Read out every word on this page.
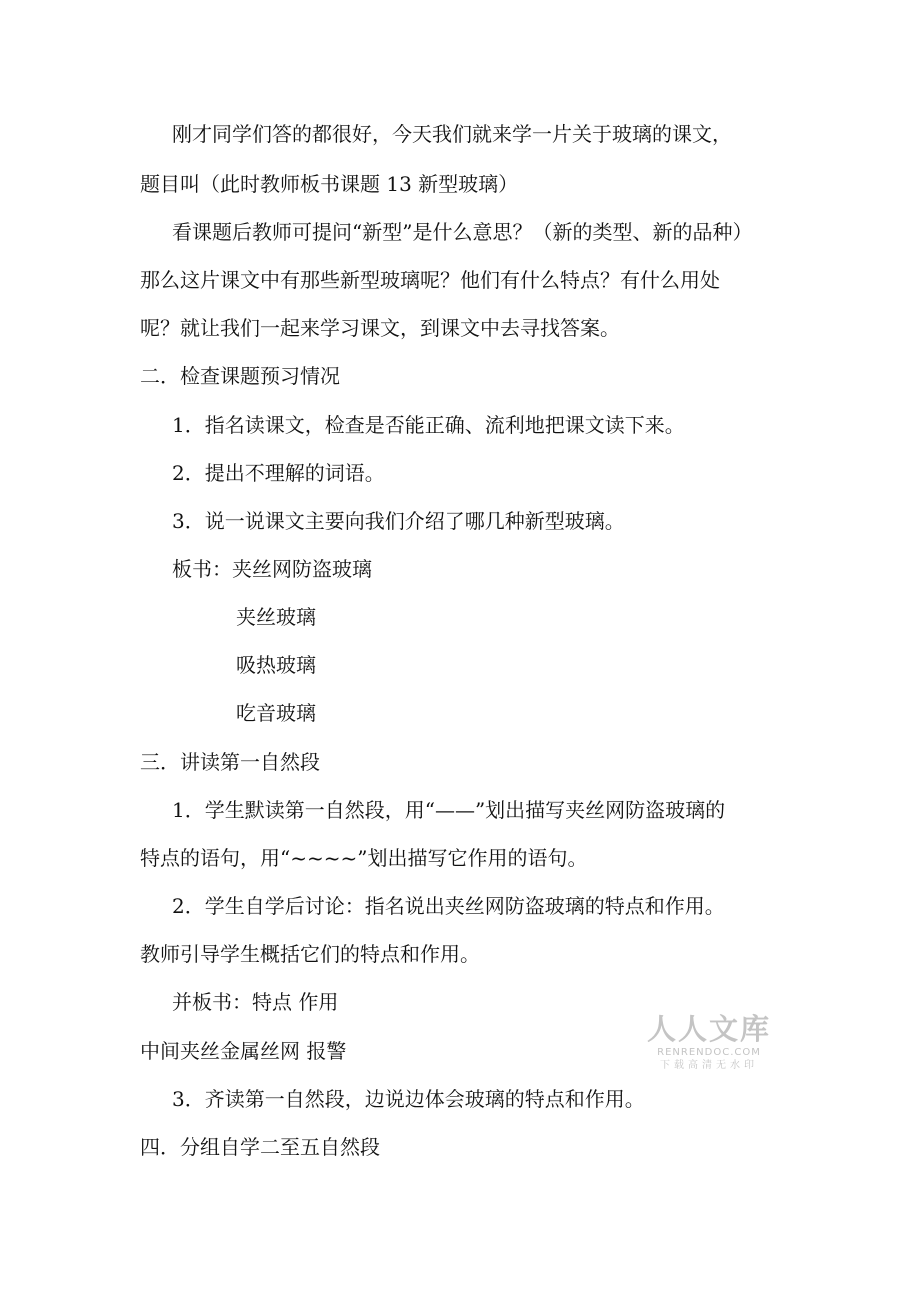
刚才同学们答的都很好，今天我们就来学一片关于玻璃的课文，

题目叫（此时教师板书课题 13 新型玻璃）

看课题后教师可提问“新型”是什么意思？（新的类型、新的品种）

那么这片课文中有那些新型玻璃呢？他们有什么特点？有什么用处

呢？就让我们一起来学习课文，到课文中去寻找答案。

二．检查课题预习情况

1．指名读课文，检查是否能正确、流利地把课文读下来。

2．提出不理解的词语。

3．说一说课文主要向我们介绍了哪几种新型玻璃。

板书：夹丝网防盗玻璃

夹丝玻璃

吸热玻璃

吃音玻璃

三．讲读第一自然段

1．学生默读第一自然段，用“——”划出描写夹丝网防盗玻璃的

特点的语句，用“~~~~”划出描写它作用的语句。

2．学生自学后讨论：指名说出夹丝网防盗玻璃的特点和作用。

教师引导学生概括它们的特点和作用。

并板书：特点 作用

中间夹丝金属丝网 报警

3．齐读第一自然段，边说边体会玻璃的特点和作用。

四．分组自学二至五自然段

人人文库
RENRENDOC.COM
下载高清无水印
